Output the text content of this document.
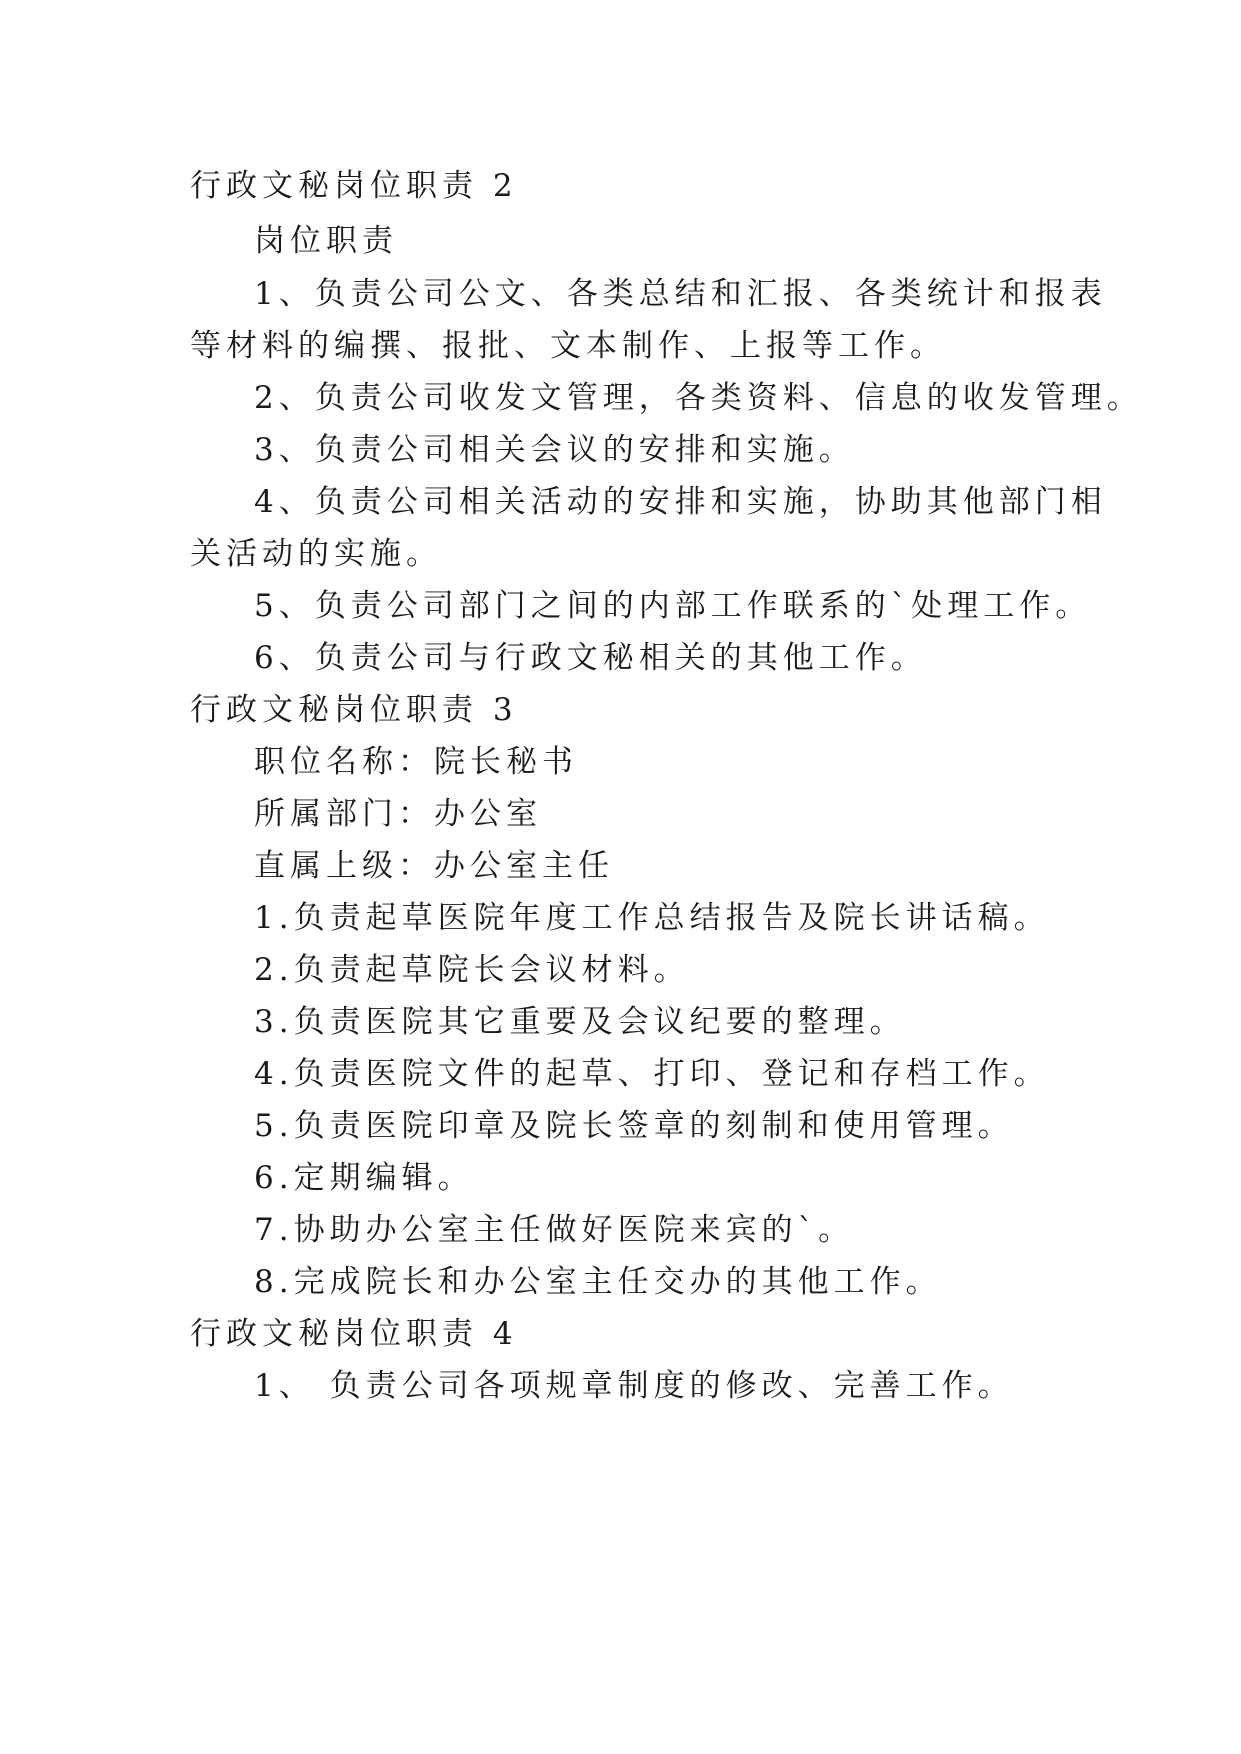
行政文秘岗位职责 2
岗位职责
1、负责公司公文、各类总结和汇报、各类统计和报表
等材料的编撰、报批、文本制作、上报等工作。
2、负责公司收发文管理，各类资料、信息的收发管理。
3、负责公司相关会议的安排和实施。
4、负责公司相关活动的安排和实施，协助其他部门相
关活动的实施。
5、负责公司部门之间的内部工作联系的`处理工作。
6、负责公司与行政文秘相关的其他工作。
行政文秘岗位职责 3
职位名称：院长秘书
所属部门：办公室
直属上级：办公室主任
1.负责起草医院年度工作总结报告及院长讲话稿。
2.负责起草院长会议材料。
3.负责医院其它重要及会议纪要的整理。
4.负责医院文件的起草、打印、登记和存档工作。
5.负责医院印章及院长签章的刻制和使用管理。
6.定期编辑。
7.协助办公室主任做好医院来宾的`。
8.完成院长和办公室主任交办的其他工作。
行政文秘岗位职责 4
1、 负责公司各项规章制度的修改、完善工作。
